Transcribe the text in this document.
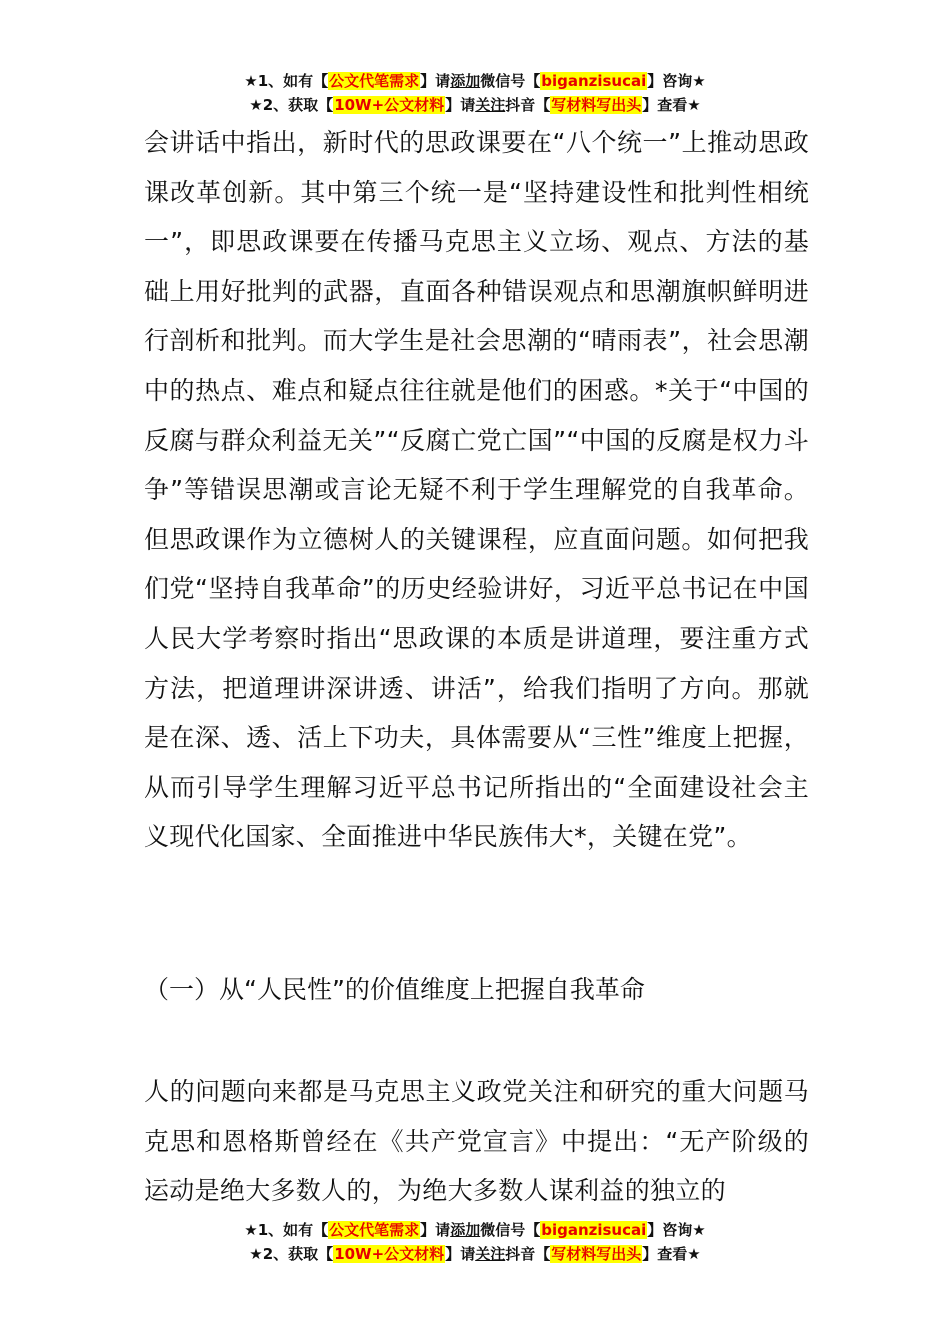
★1、如有【公文代笔需求】请添加微信号【biganzisucai】咨询★
★2、获取【10W+公文材料】请关注抖音【写材料写出头】查看★

会讲话中指出，新时代的思政课要在“八个统一”上推动思政课改革创新。其中第三个统一是“坚持建设性和批判性相统一”，即思政课要在传播马克思主义立场、观点、方法的基础上用好批判的武器，直面各种错误观点和思潮旗帜鲜明进行剖析和批判。而大学生是社会思潮的“晴雨表”，社会思潮中的热点、难点和疑点往往就是他们的困惑。*关于“中国的反腐与群众利益无关”“反腐亡党亡国”“中国的反腐是权力斗争”等错误思潮或言论无疑不利于学生理解党的自我革命。但思政课作为立德树人的关键课程，应直面问题。如何把我们党“坚持自我革命”的历史经验讲好，习近平总书记在中国人民大学考察时指出“思政课的本质是讲道理，要注重方式方法，把道理讲深讲透、讲活”，给我们指明了方向。那就是在深、透、活上下功夫，具体需要从“三性”维度上把握，从而引导学生理解习近平总书记所指出的“全面建设社会主义现代化国家、全面推进中华民族伟大*，关键在党”。

（一）从“人民性”的价值维度上把握自我革命

人的问题向来都是马克思主义政党关注和研究的重大问题马克思和恩格斯曾经在《共产党宣言》中提出：“无产阶级的运动是绝大多数人的，为绝大多数人谋利益的独立的

★1、如有【公文代笔需求】请添加微信号【biganzisucai】咨询★
★2、获取【10W+公文材料】请关注抖音【写材料写出头】查看★
